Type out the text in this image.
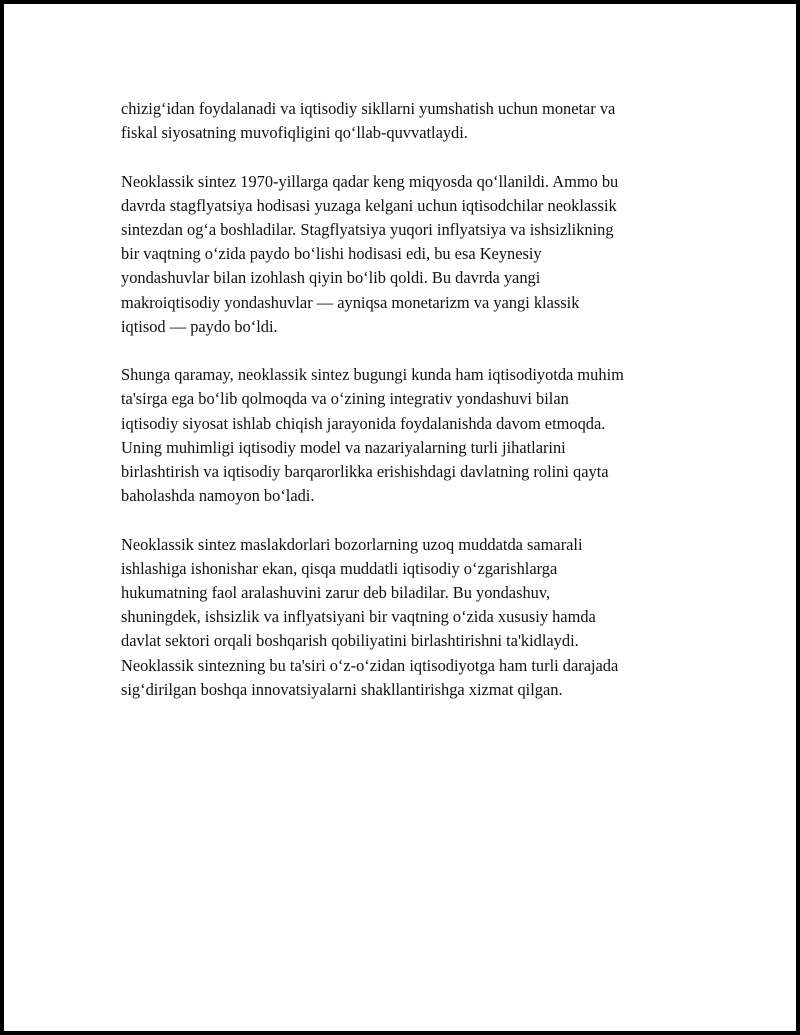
chizig‘idan foydalanadi va iqtisodiy sikllarni yumshatish uchun monetar va
fiskal siyosatning muvofiqligini qo‘llab-quvvatlaydi.

Neoklassik sintez 1970-yillarga qadar keng miqyosda qo‘llanildi. Ammo bu
davrda stagflyatsiya hodisasi yuzaga kelgani uchun iqtisodchilar neoklassik
sintezdan og‘a boshladilar. Stagflyatsiya yuqori inflyatsiya va ishsizlikning
bir vaqtning o‘zida paydo bo‘lishi hodisasi edi, bu esa Keynesiy
yondashuvlar bilan izohlash qiyin bo‘lib qoldi. Bu davrda yangi
makroiqtisodiy yondashuvlar — ayniqsa monetarizm va yangi klassik
iqtisod — paydo bo‘ldi.

Shunga qaramay, neoklassik sintez bugungi kunda ham iqtisodiyotda muhim
ta'sirga ega bo‘lib qolmoqda va o‘zining integrativ yondashuvi bilan
iqtisodiy siyosat ishlab chiqish jarayonida foydalanishda davom etmoqda.
Uning muhimligi iqtisodiy model va nazariyalarning turli jihatlarini
birlashtirish va iqtisodiy barqarorlikka erishishdagi davlatning rolini qayta
baholashda namoyon bo‘ladi.

Neoklassik sintez maslakdorlari bozorlarning uzoq muddatda samarali
ishlashiga ishonishar ekan, qisqa muddatli iqtisodiy o‘zgarishlarga
hukumatning faol aralashuvini zarur deb biladilar. Bu yondashuv,
shuningdek, ishsizlik va inflyatsiyani bir vaqtning o‘zida xususiy hamda
davlat sektori orqali boshqarish qobiliyatini birlashtirishni ta'kidlaydi.
Neoklassik sintezning bu ta'siri o‘z-o‘zidan iqtisodiyotga ham turli darajada
sig‘dirilgan boshqa innovatsiyalarni shakllantirishga xizmat qilgan.
